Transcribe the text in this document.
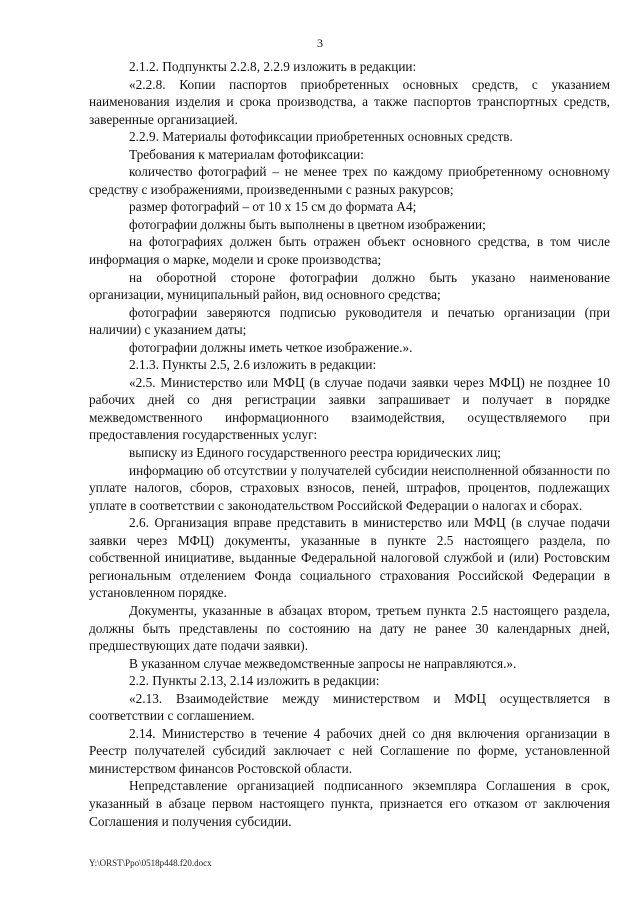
3

2.1.2. Подпункты 2.2.8, 2.2.9 изложить в редакции:

«2.2.8. Копии паспортов приобретенных основных средств, с указанием наименования изделия и срока производства, а также паспортов транспортных средств, заверенные организацией.

2.2.9. Материалы фотофиксации приобретенных основных средств.

Требования к материалам фотофиксации:

количество фотографий – не менее трех по каждому приобретенному основному средству с изображениями, произведенными с разных ракурсов;

размер фотографий – от 10 x 15 см до формата А4;

фотографии должны быть выполнены в цветном изображении;

на фотографиях должен быть отражен объект основного средства, в том числе информация о марке, модели и сроке производства;

на оборотной стороне фотографии должно быть указано наименование организации, муниципальный район, вид основного средства;

фотографии заверяются подписью руководителя и печатью организации (при наличии) с указанием даты;

фотографии должны иметь четкое изображение.».

2.1.3. Пункты 2.5, 2.6 изложить в редакции:

«2.5. Министерство или МФЦ (в случае подачи заявки через МФЦ) не позднее 10 рабочих дней со дня регистрации заявки запрашивает и получает в порядке межведомственного информационного взаимодействия, осуществляемого при предоставления государственных услуг:

выписку из Единого государственного реестра юридических лиц;

информацию об отсутствии у получателей субсидии неисполненной обязанности по уплате налогов, сборов, страховых взносов, пеней, штрафов, процентов, подлежащих уплате в соответствии с законодательством Российской Федерации о налогах и сборах.

2.6. Организация вправе представить в министерство или МФЦ (в случае подачи заявки через МФЦ) документы, указанные в пункте 2.5 настоящего раздела, по собственной инициативе, выданные Федеральной налоговой службой и (или) Ростовским региональным отделением Фонда социального страхования Российской Федерации в установленном порядке.

Документы, указанные в абзацах втором, третьем пункта 2.5 настоящего раздела, должны быть представлены по состоянию на дату не ранее 30 календарных дней, предшествующих дате подачи заявки).

В указанном случае межведомственные запросы не направляются.».

2.2. Пункты 2.13, 2.14 изложить в редакции:

«2.13. Взаимодействие между министерством и МФЦ осуществляется в соответствии с соглашением.

2.14. Министерство в течение 4 рабочих дней со дня включения организации в Реестр получателей субсидий заключает с ней Соглашение по форме, установленной министерством финансов Ростовской области.

Непредставление организацией подписанного экземпляра Соглашения в срок, указанный в абзаце первом настоящего пункта, признается его отказом от заключения Соглашения и получения субсидии.

Y:\ORST\Ppo\0518p448.f20.docx
